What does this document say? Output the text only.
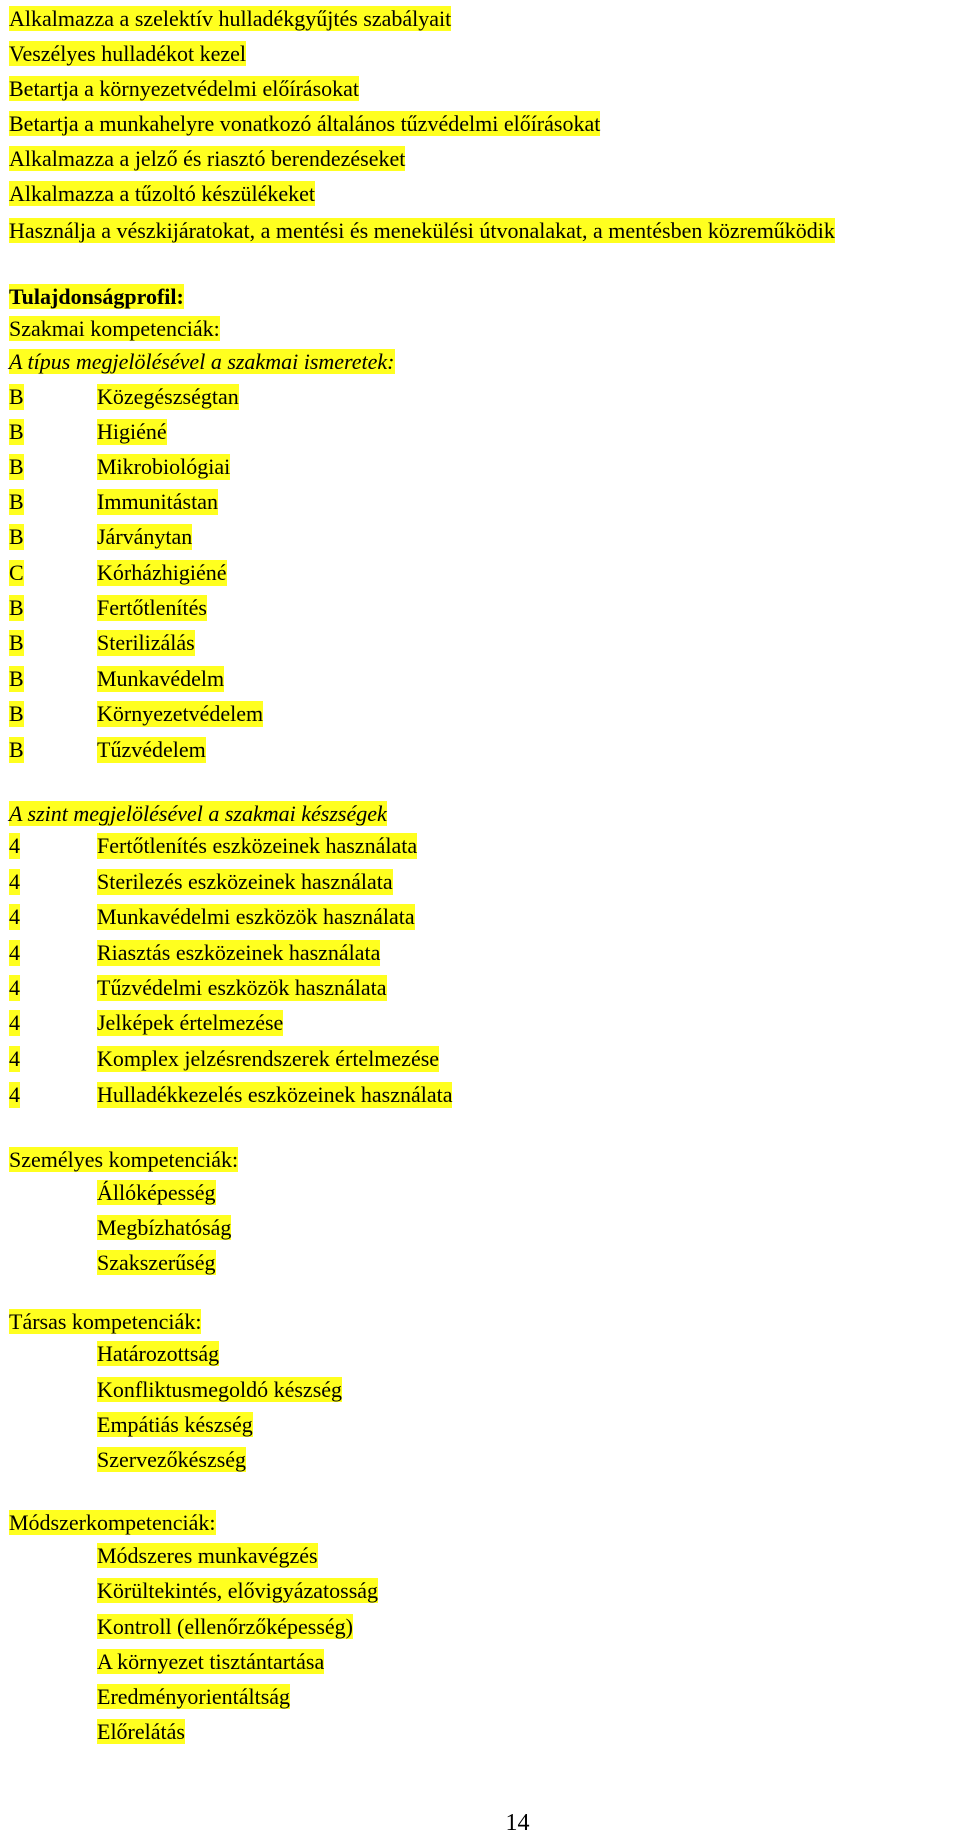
Alkalmazza a szelektív hulladékgyűjtés szabályait
Veszélyes hulladékot kezel
Betartja a környezetvédelmi előírásokat
Betartja a munkahelyre vonatkozó általános tűzvédelmi előírásokat
Alkalmazza a jelző és riasztó berendezéseket
Alkalmazza a tűzoltó készülékeket
Használja a vészkijáratokat, a mentési és menekülési útvonalakat, a mentésben közreműködik
Tulajdonságprofil:
Szakmai kompetenciák:
A típus megjelölésével a szakmai ismeretek:
B	Közegészségtan
B	Higiéné
B	Mikrobiológiai
B	Immunitástan
B	Járványtan
C	Kórházhigiéné
B	Fertőtlenítés
B	Sterilizálás
B	Munkavédelm
B	Környezetvédelem
B	Tűzvédelem
A szint megjelölésével a szakmai készségek
4	Fertőtlenítés eszközeinek használata
4	Sterilezés eszközeinek használata
4	Munkavédelmi eszközök használata
4	Riasztás eszközeinek használata
4	Tűzvédelmi eszközök használata
4	Jelképek értelmezése
4	Komplex jelzésrendszerek értelmezése
4	Hulladékkezelés eszközeinek használata
Személyes kompetenciák:
Állóképesség
Megbízhatóság
Szakszerűség
Társas kompetenciák:
Határozottság
Konfliktusmegoldó készség
Empátiás készség
Szervezőkészség
Módszerkompetenciák:
Módszeres munkavégzés
Körültekintés, elővigyázatosság
Kontroll (ellenőrzőképesség)
A környezet tisztántartása
Eredményorientáltság
Előrelátás
14
